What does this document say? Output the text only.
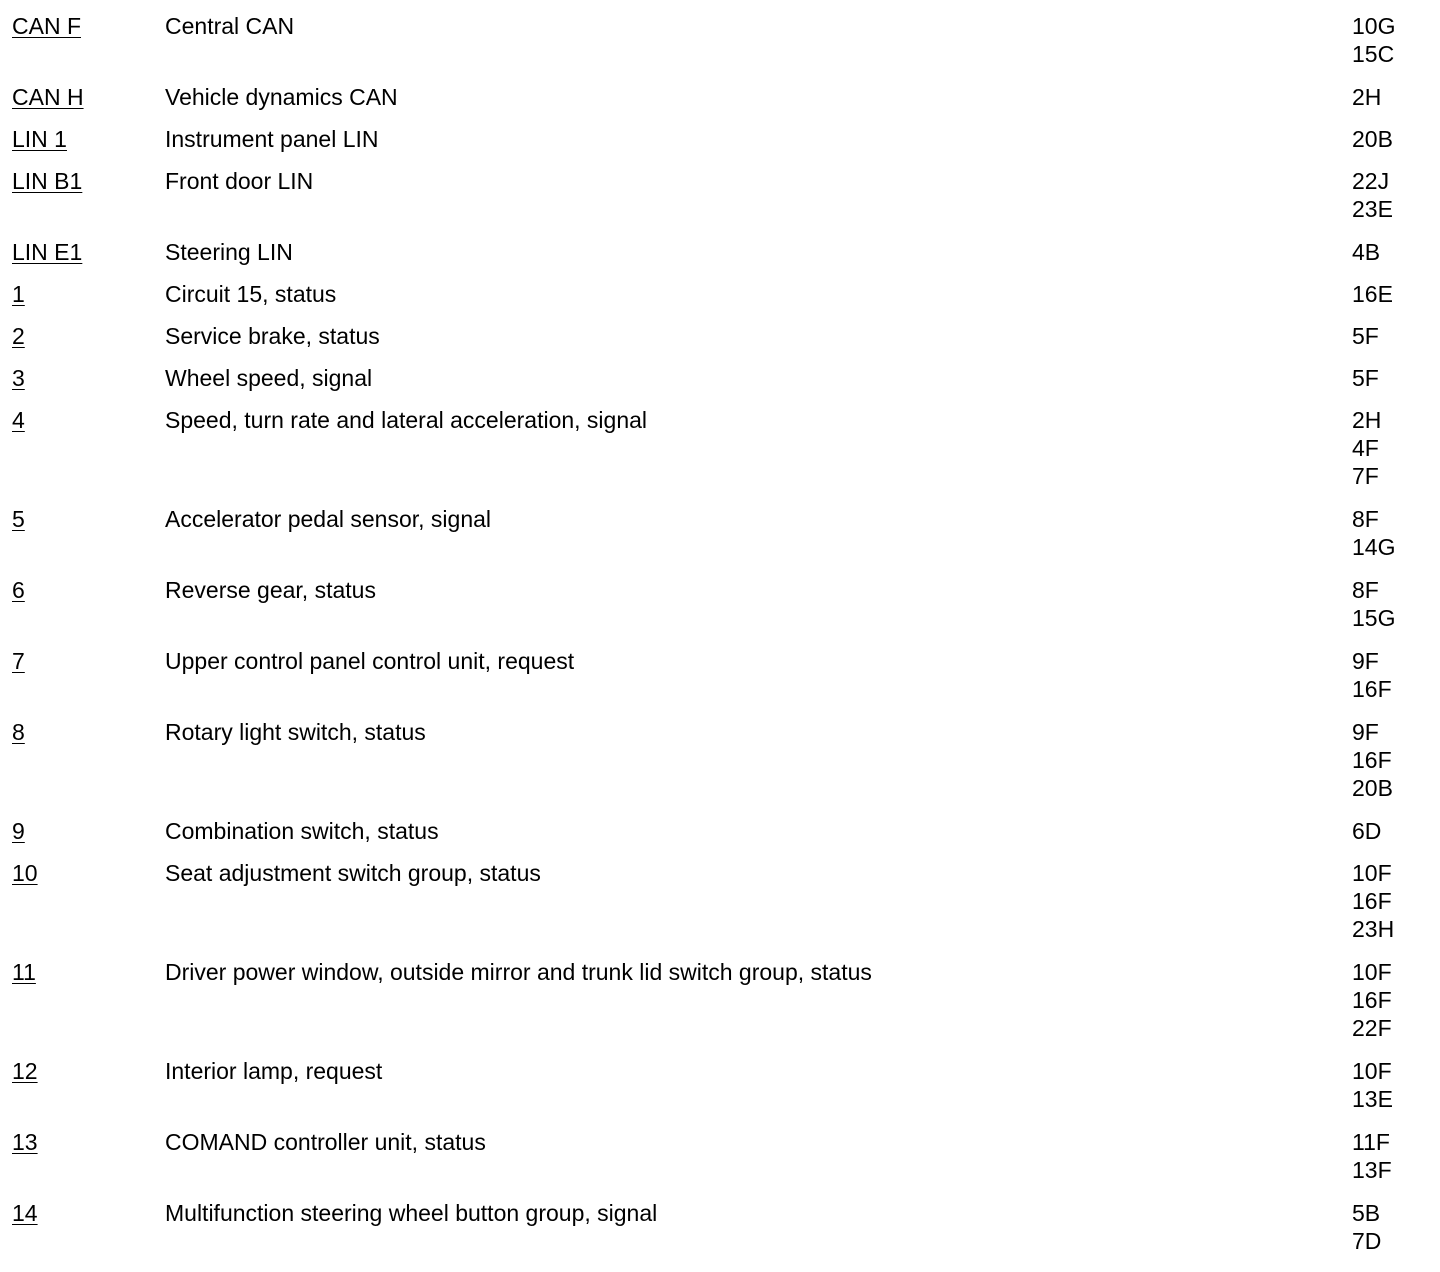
CAN F	Central CAN	10G
15C
CAN H	Vehicle dynamics CAN	2H
LIN 1	Instrument panel LIN	20B
LIN B1	Front door LIN	22J
23E
LIN E1	Steering LIN	4B
1	Circuit 15, status	16E
2	Service brake, status	5F
3	Wheel speed, signal	5F
4	Speed, turn rate and lateral acceleration, signal	2H
4F
7F
5	Accelerator pedal sensor, signal	8F
14G
6	Reverse gear, status	8F
15G
7	Upper control panel control unit, request	9F
16F
8	Rotary light switch, status	9F
16F
20B
9	Combination switch, status	6D
10	Seat adjustment switch group, status	10F
16F
23H
11	Driver power window, outside mirror and trunk lid switch group, status	10F
16F
22F
12	Interior lamp, request	10F
13E
13	COMAND controller unit, status	11F
13F
14	Multifunction steering wheel button group, signal	5B
7D
